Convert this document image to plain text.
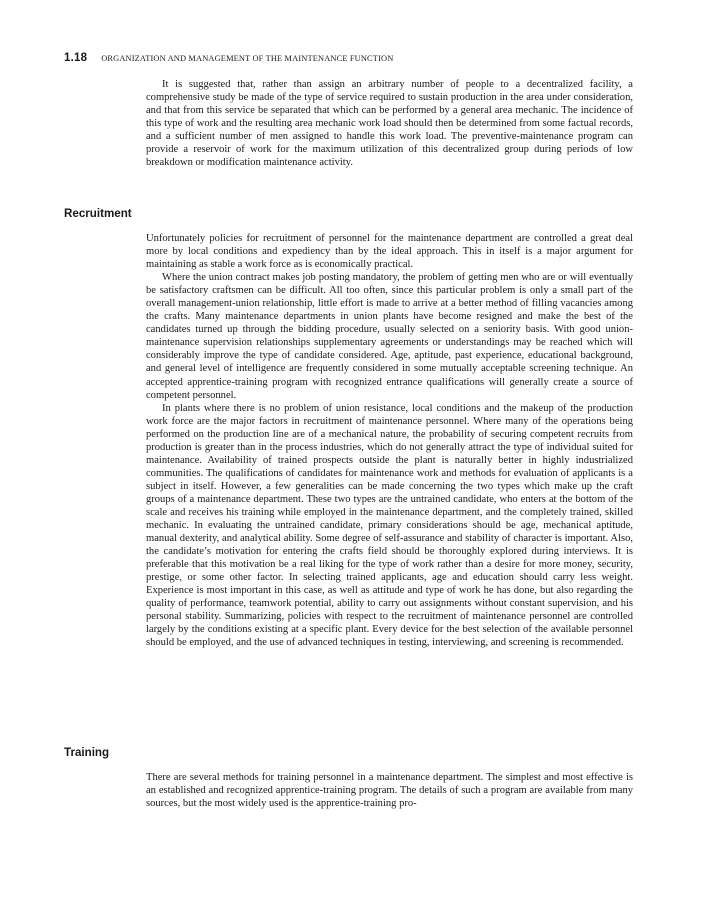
1.18 ORGANIZATION AND MANAGEMENT OF THE MAINTENANCE FUNCTION

It is suggested that, rather than assign an arbitrary number of people to a decentralized facility, a comprehensive study be made of the type of service required to sustain production in the area under consideration, and that from this service be separated that which can be performed by a general area mechanic. The incidence of this type of work and the resulting area mechanic work load should then be determined from some factual records, and a sufficient number of men assigned to handle this work load. The preventive-maintenance program can provide a reservoir of work for the maximum utilization of this decentralized group during periods of low breakdown or modification maintenance activity.

Recruitment

Unfortunately policies for recruitment of personnel for the maintenance department are controlled a great deal more by local conditions and expediency than by the ideal approach. This in itself is a major argument for maintaining as stable a work force as is economically practical.

Where the union contract makes job posting mandatory, the problem of getting men who are or will eventually be satisfactory craftsmen can be difficult. All too often, since this particular problem is only a small part of the overall management-union relationship, little effort is made to arrive at a better method of filling vacancies among the crafts. Many maintenance departments in union plants have become resigned and make the best of the candidates turned up through the bidding procedure, usually selected on a seniority basis. With good union-maintenance supervision relationships supplementary agreements or understandings may be reached which will considerably improve the type of candidate considered. Age, aptitude, past experience, educational background, and general level of intelligence are frequently considered in some mutually acceptable screening technique. An accepted apprentice-training program with recognized entrance qualifications will generally create a source of competent personnel.

In plants where there is no problem of union resistance, local conditions and the makeup of the production work force are the major factors in recruitment of maintenance personnel. Where many of the operations being performed on the production line are of a mechanical nature, the probability of securing competent recruits from production is greater than in the process industries, which do not generally attract the type of individual suited for maintenance. Availability of trained prospects outside the plant is naturally better in highly industrialized communities. The qualifications of candidates for maintenance work and methods for evaluation of applicants is a subject in itself. However, a few generalities can be made concerning the two types which make up the craft groups of a maintenance department. These two types are the untrained candidate, who enters at the bottom of the scale and receives his training while employed in the maintenance department, and the completely trained, skilled mechanic. In evaluating the untrained candidate, primary considerations should be age, mechanical aptitude, manual dexterity, and analytical ability. Some degree of self-assurance and stability of character is important. Also, the candidate’s motivation for entering the crafts field should be thoroughly explored during interviews. It is preferable that this motivation be a real liking for the type of work rather than a desire for more money, security, prestige, or some other factor. In selecting trained applicants, age and education should carry less weight. Experience is most important in this case, as well as attitude and type of work he has done, but also regarding the quality of performance, teamwork potential, ability to carry out assignments without constant supervision, and his personal stability. Summarizing, policies with respect to the recruitment of maintenance personnel are controlled largely by the conditions existing at a specific plant. Every device for the best selection of the available personnel should be employed, and the use of advanced techniques in testing, interviewing, and screening is recommended.

Training

There are several methods for training personnel in a maintenance department. The simplest and most effective is an established and recognized apprentice-training program. The details of such a program are available from many sources, but the most widely used is the apprentice-training pro-
